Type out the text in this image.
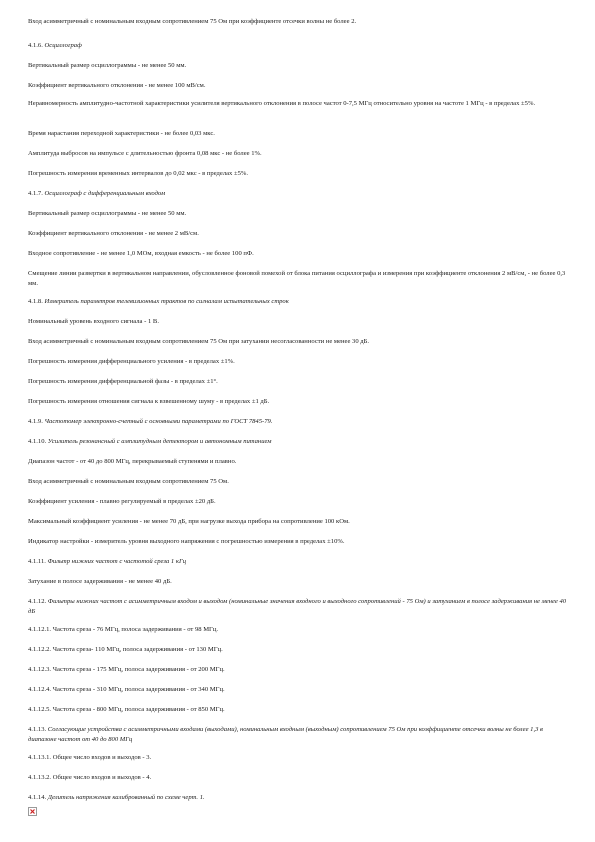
Вход асимметричный с номинальным входным сопротивлением 75 Ом при коэффициенте отсечки волны не более 2.
4.1.6. Осциллограф
Вертикальный размер осциллограммы - не менее 50 мм.
Коэффициент вертикального отклонения - не менее 100 мВ/см.
Неравномерность амплитудно-частотной характеристики усилителя вертикального отклонения в полосе частот 0-7,5 МГц относительно уровня на частоте 1 МГц - в пределах ±5%.
Время нарастания переходной характеристики - не более 0,03 мкс.
Амплитуда выбросов на импульсе с длительностью фронта 0,08 мкс - не более 1%.
Погрешность измерения временных интервалов до 0,02 мкс - в пределах ±5%.
4.1.7. Осциллограф с дифференциальным входом
Вертикальный размер осциллограммы - не менее 50 мм.
Коэффициент вертикального отклонения - не менее 2 мВ/см.
Входное сопротивление - не менее 1,0 МОм, входная емкость - не более 100 пФ.
Смещение линии развертки в вертикальном направлении, обусловленное фоновой помехой от блока питания осциллографа и измерения при коэффициенте отклонения 2 мВ/см, - не более 0,3 мм.
4.1.8. Измеритель параметров телевизионных трактов по сигналам испытательных строк
Номинальный уровень входного сигнала - 1 В.
Вход асимметричный с номинальным входным сопротивлением 75 Ом при затухании несогласованности не менее 30 дБ.
Погрешность измерения дифференциального усиления - в пределах ±1%.
Погрешность измерения дифференциальной фазы - в пределах ±1°.
Погрешность измерения отношения сигнала к взвешенному шуму - в пределах ±1 дБ.
4.1.9. Частотомер электронно-счетный с основными параметрами по ГОСТ 7845-79.
4.1.10. Усилитель резонансный с амплитудным детектором и автономным питанием
Диапазон частот - от 40 до 800 МГц, перекрываемый ступенями и плавно.
Вход асимметричный с номинальным входным сопротивлением 75 Ом.
Коэффициент усиления - плавно регулируемый в пределах ±20 дБ.
Максимальный коэффициент усиления - не менее 70 дБ, при нагрузке выхода прибора на сопротивление 100 кОм.
Индикатор настройки - измеритель уровня выходного напряжения с погрешностью измерения в пределах ±10%.
4.1.11. Фильтр нижних частот с частотой среза 1 кГц
Затухание в полосе задерживания - не менее 40 дБ.
4.1.12. Фильтры нижних частот с асимметричным входом и выходом (номинальные значения входного и выходного сопротивлений - 75 Ом) и затуханием в полосе задерживания не менее 40 дБ
4.1.12.1. Частота среза - 76 МГц, полоса задерживания - от 98 МГц.
4.1.12.2. Частота среза- 110 МГц, полоса задерживания - от 130 МГц.
4.1.12.3. Частота среза - 175 МГц, полоса задерживания - от 200 МГц.
4.1.12.4. Частота среза - 310 МГц, полоса задерживания - от 340 МГц.
4.1.12.5. Частота среза - 800 МГц, полоса задерживания - от 850 МГц.
4.1.13. Согласующие устройства с асимметричными входами (выходами), номинальным входным (выходным) сопротивлением 75 Ом при коэффициенте отсечки волны не более 1,3 в диапазоне частот от 40 до 800 МГц
4.1.13.1. Общее число входов и выходов - 3.
4.1.13.2. Общее число входов и выходов - 4.
4.1.14. Делитель напряжения калиброванный по схеме черт. 1.
